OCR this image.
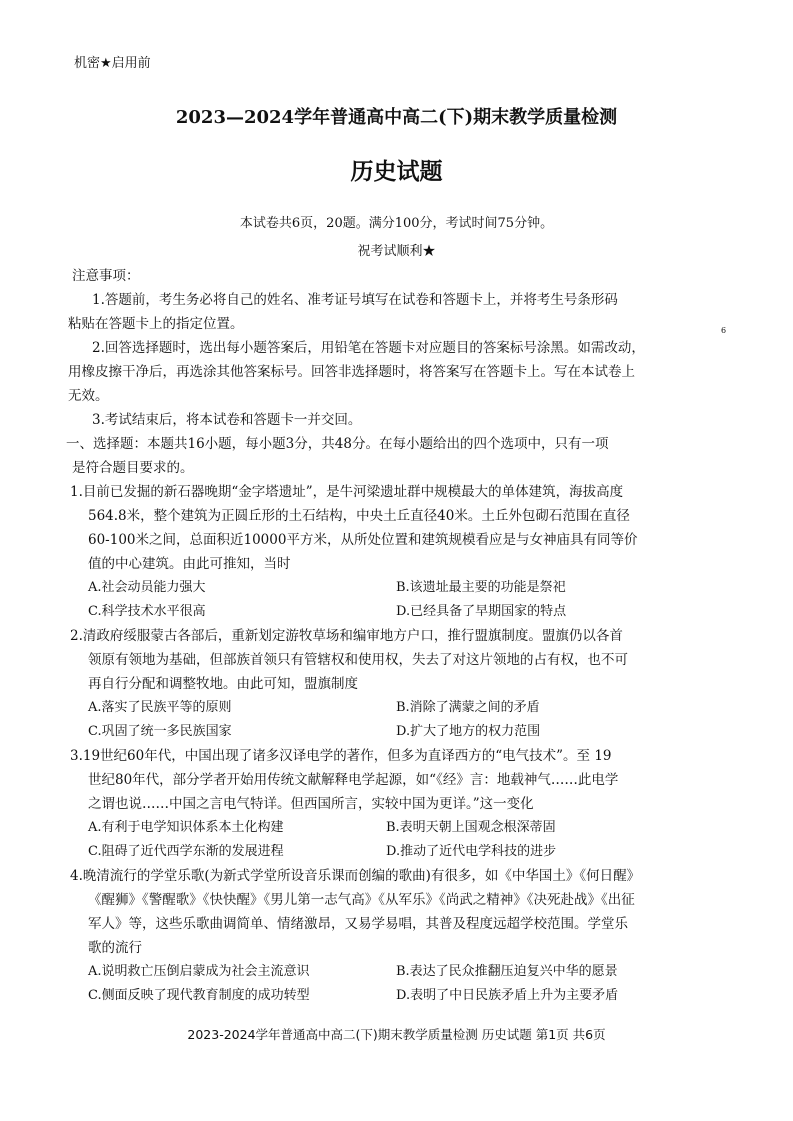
机密★启用前
2023—2024学年普通高中高二(下)期末教学质量检测
历史试题
本试卷共6页，20题。满分100分，考试时间75分钟。
祝考试顺利★
注意事项：
1.答题前，考生务必将自己的姓名、准考证号填写在试卷和答题卡上，并将考生号条形码
粘贴在答题卡上的指定位置。
2.回答选择题时，选出每小题答案后，用铅笔在答题卡对应题目的答案标号涂黑。如需改动，
6
用橡皮擦干净后，再选涂其他答案标号。回答非选择题时，将答案写在答题卡上。写在本试卷上
无效。
3.考试结束后，将本试卷和答题卡一并交回。
一、选择题：本题共16小题，每小题3分，共48分。在每小题给出的四个选项中，只有一项
是符合题目要求的。
1.目前已发掘的新石器晚期“金字塔遗址”，是牛河梁遗址群中规模最大的单体建筑，海拔高度
564.8米，整个建筑为正圆丘形的土石结构，中央土丘直径40米。土丘外包砌石范围在直径
60-100米之间，总面积近10000平方米，从所处位置和建筑规模看应是与女神庙具有同等价
值的中心建筑。由此可推知，当时
A.社会动员能力强大	B.该遗址最主要的功能是祭祀
C.科学技术水平很高	D.已经具备了早期国家的特点
2.清政府绥服蒙古各部后，重新划定游牧草场和编审地方户口，推行盟旗制度。盟旗仍以各首
领原有领地为基础，但部族首领只有管辖权和使用权，失去了对这片领地的占有权，也不可
再自行分配和调整牧地。由此可知，盟旗制度
A.落实了民族平等的原则	B.消除了满蒙之间的矛盾
C.巩固了统一多民族国家	D.扩大了地方的权力范围
3.19世纪60年代，中国出现了诸多汉译电学的著作，但多为直译西方的“电气技术”。至 19
世纪80年代，部分学者开始用传统文献解释电学起源，如“《经》言：地载神气……此电学
之谓也说……中国之言电气特详。但西国所言，实较中国为更详。”这一变化
A.有利于电学知识体系本土化构建	B.表明天朝上国观念根深蒂固
C.阻碍了近代西学东渐的发展进程	D.推动了近代电学科技的进步
4.晚清流行的学堂乐歌(为新式学堂所设音乐课而创编的歌曲)有很多，如《中华国土》《何日醒》
《醒狮》《警醒歌》《快快醒》《男儿第一志气高》《从军乐》《尚武之精神》《决死赴战》《出征
军人》等，这些乐歌曲调简单、情绪激昂，又易学易唱，其普及程度远超学校范围。学堂乐
歌的流行
A.说明救亡压倒启蒙成为社会主流意识	B.表达了民众推翻压迫复兴中华的愿景
C.侧面反映了现代教育制度的成功转型	D.表明了中日民族矛盾上升为主要矛盾
2023-2024学年普通高中高二(下)期末教学质量检测 历史试题 第1页 共6页
